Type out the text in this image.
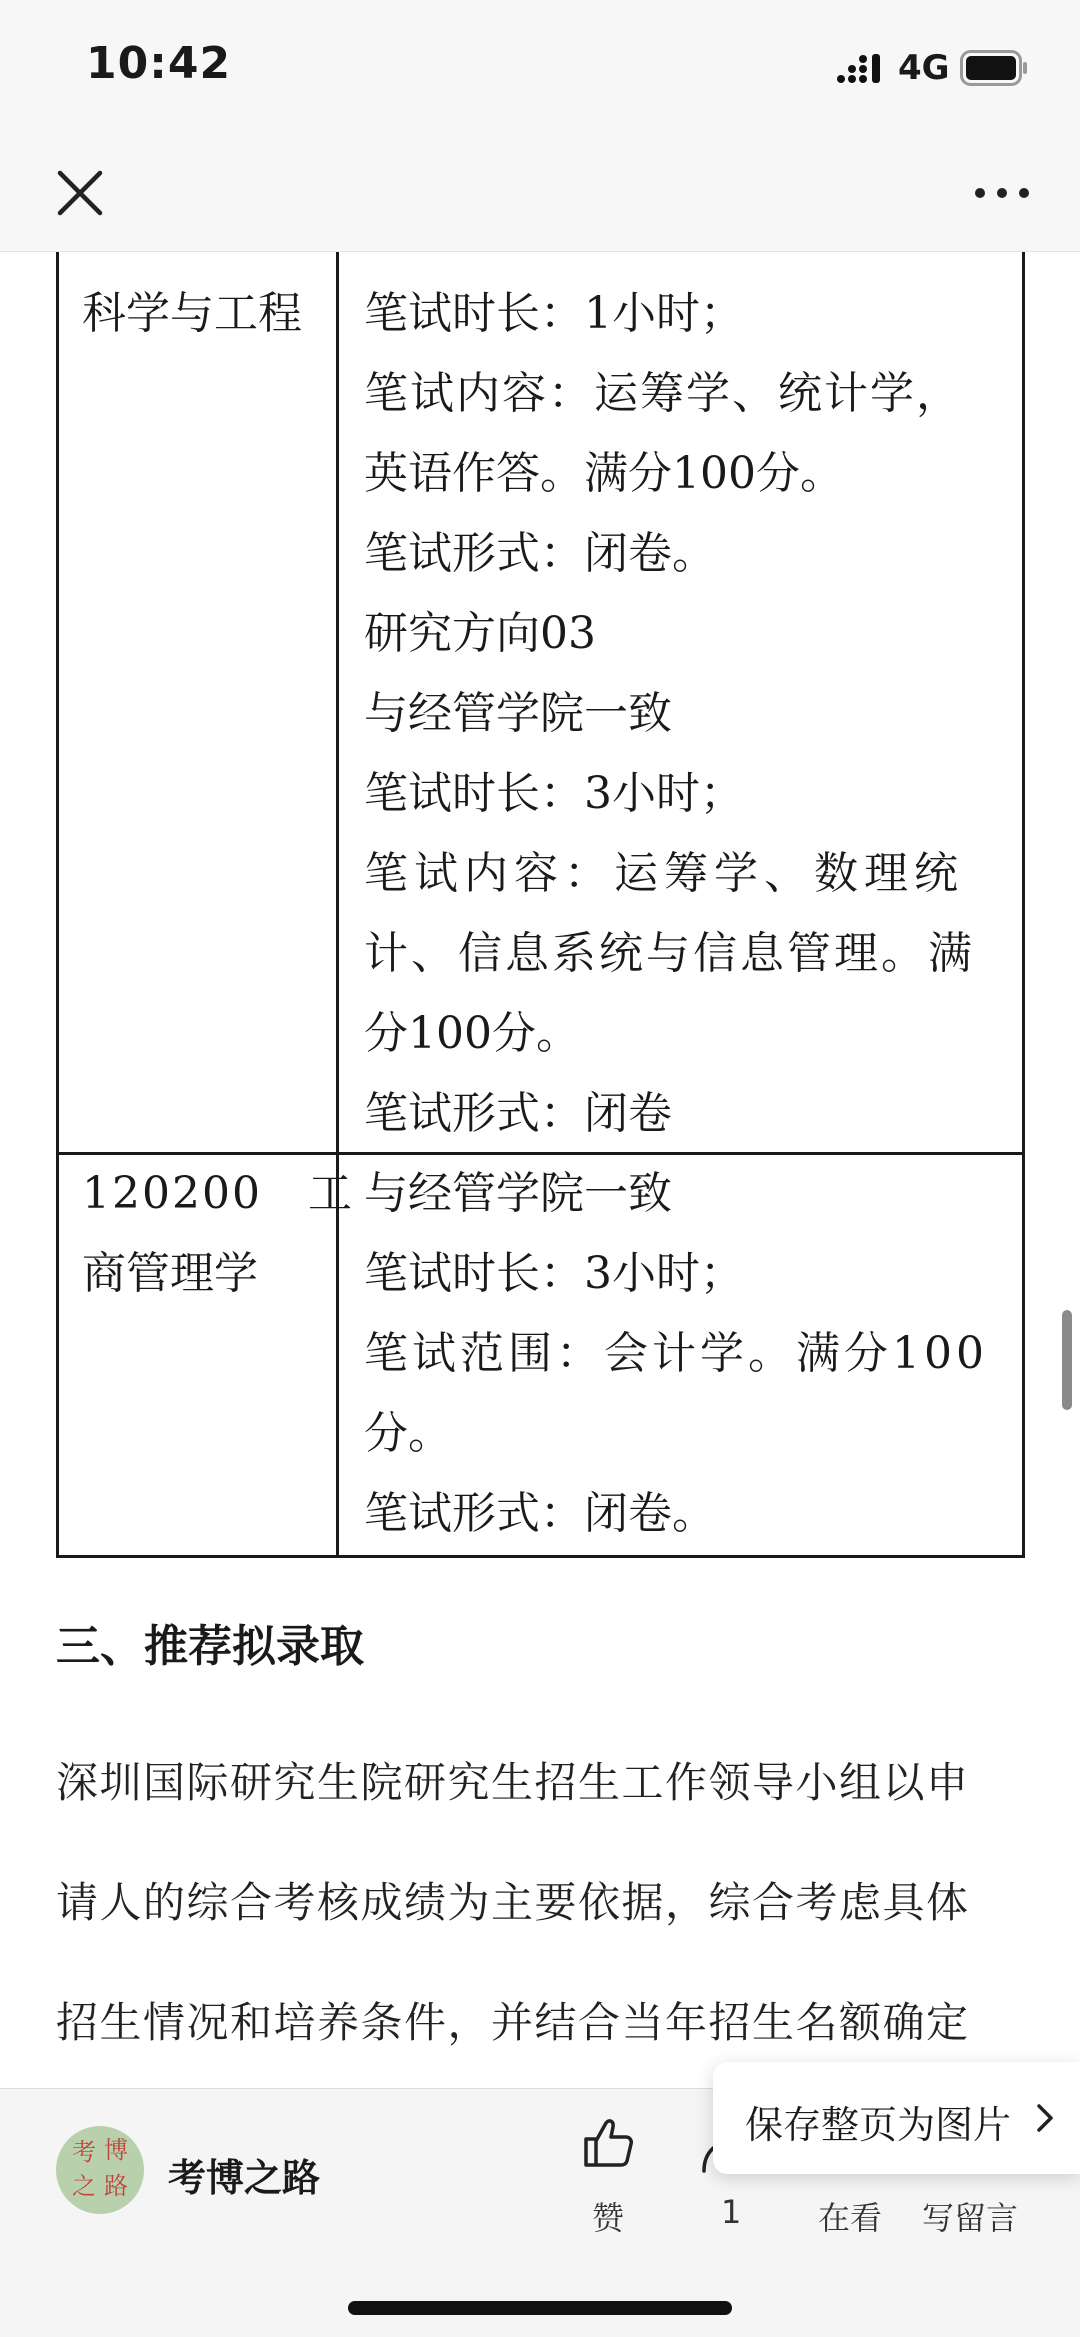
10:42	4G
科学与工程 笔试时长：1小时；
笔试内容：运筹学、统计学，
英语作答。满分100分。
笔试形式：闭卷。
研究方向03
与经管学院一致
笔试时长：3小时；
笔试内容：运筹学、数理统
计、信息系统与信息管理。满
分100分。
笔试形式：闭卷
120200　工
商管理学
与经管学院一致
笔试时长：3小时；
笔试范围：会计学。满分100
分。
笔试形式：闭卷。
三、推荐拟录取
深圳国际研究生院研究生招生工作领导小组以申
请人的综合考核成绩为主要依据，综合考虑具体
招生情况和培养条件，并结合当年招生名额确定
考 博
之 路 考博之路
赞	1 在看 写留言
保存整页为图片
